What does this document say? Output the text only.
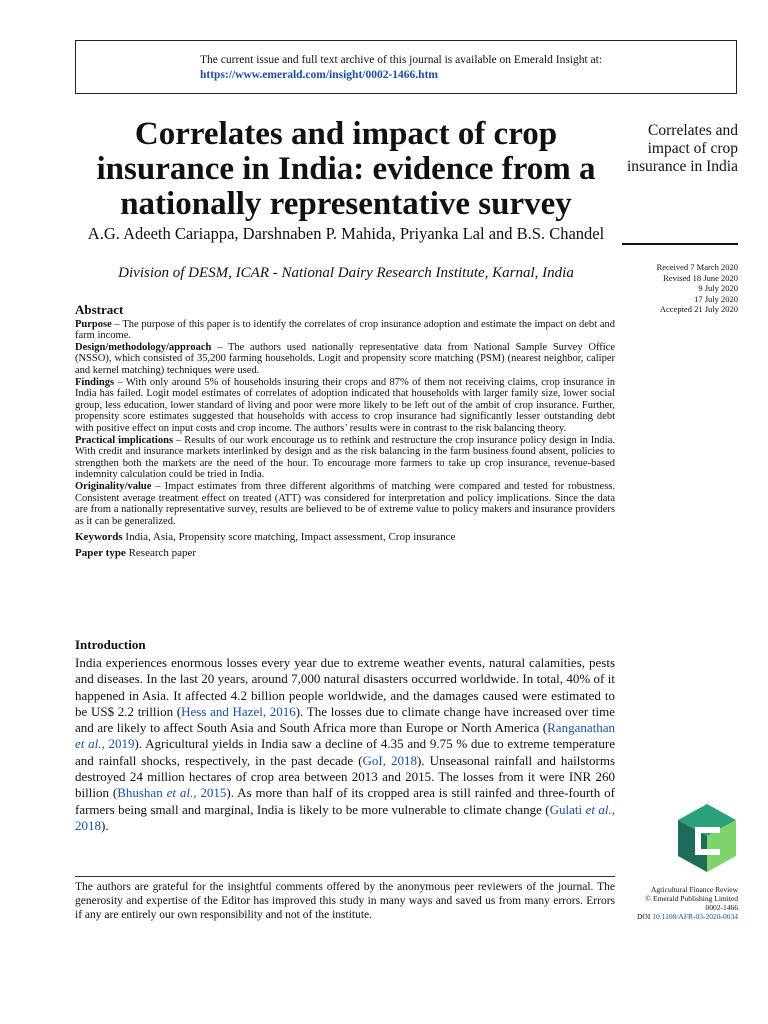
The current issue and full text archive of this journal is available on Emerald Insight at:
https://www.emerald.com/insight/0002-1466.htm
Correlates and impact of crop insurance in India: evidence from a nationally representative survey
A.G. Adeeth Cariappa, Darshnaben P. Mahida, Priyanka Lal and B.S. Chandel
Division of DESM, ICAR - National Dairy Research Institute, Karnal, India
Correlates and impact of crop insurance in India
Received 7 March 2020
Revised 18 June 2020
9 July 2020
17 July 2020
Accepted 21 July 2020
Abstract

Purpose – The purpose of this paper is to identify the correlates of crop insurance adoption and estimate the impact on debt and farm income.

Design/methodology/approach – The authors used nationally representative data from National Sample Survey Office (NSSO), which consisted of 35,200 farming households. Logit and propensity score matching (PSM) (nearest neighbor, caliper and kernel matching) techniques were used.

Findings – With only around 5% of households insuring their crops and 87% of them not receiving claims, crop insurance in India has failed. Logit model estimates of correlates of adoption indicated that households with larger family size, lower social group, less education, lower standard of living and poor were more likely to be left out of the ambit of crop insurance. Further, propensity score estimates suggested that households with access to crop insurance had significantly lesser outstanding debt with positive effect on input costs and crop income. The authors’ results were in contrast to the risk balancing theory.

Practical implications – Results of our work encourage us to rethink and restructure the crop insurance policy design in India. With credit and insurance markets interlinked by design and as the risk balancing in the farm business found absent, policies to strengthen both the markets are the need of the hour. To encourage more farmers to take up crop insurance, revenue-based indemnity calculation could be tried in India.

Originality/value – Impact estimates from three different algorithms of matching were compared and tested for robustness. Consistent average treatment effect on treated (ATT) was considered for interpretation and policy implications. Since the data are from a nationally representative survey, results are believed to be of extreme value to policy makers and insurance providers as it can be generalized.

Keywords India, Asia, Propensity score matching, Impact assessment, Crop insurance

Paper type Research paper

Introduction

India experiences enormous losses every year due to extreme weather events, natural calamities, pests and diseases. In the last 20 years, around 7,000 natural disasters occurred worldwide. In total, 40% of it happened in Asia. It affected 4.2 billion people worldwide, and the damages caused were estimated to be US$ 2.2 trillion (Hess and Hazel, 2016). The losses due to climate change have increased over time and are likely to affect South Asia and South Africa more than Europe or North America (Ranganathan et al., 2019). Agricultural yields in India saw a decline of 4.35 and 9.75 % due to extreme temperature and rainfall shocks, respectively, in the past decade (GoI, 2018). Unseasonal rainfall and hailstorms destroyed 24 million hectares of crop area between 2013 and 2015. The losses from it were INR 260 billion (Bhushan et al., 2015). As more than half of its cropped area is still rainfed and three-fourth of farmers being small and marginal, India is likely to be more vulnerable to climate change (Gulati et al., 2018).

The authors are grateful for the insightful comments offered by the anonymous peer reviewers of the journal. The generosity and expertise of the Editor has improved this study in many ways and saved us from many errors. Errors if any are entirely our own responsibility and not of the institute.

Agricultural Finance Review
© Emerald Publishing Limited
0002-1466
DOI 10.1108/AFR-03-2020-0034
